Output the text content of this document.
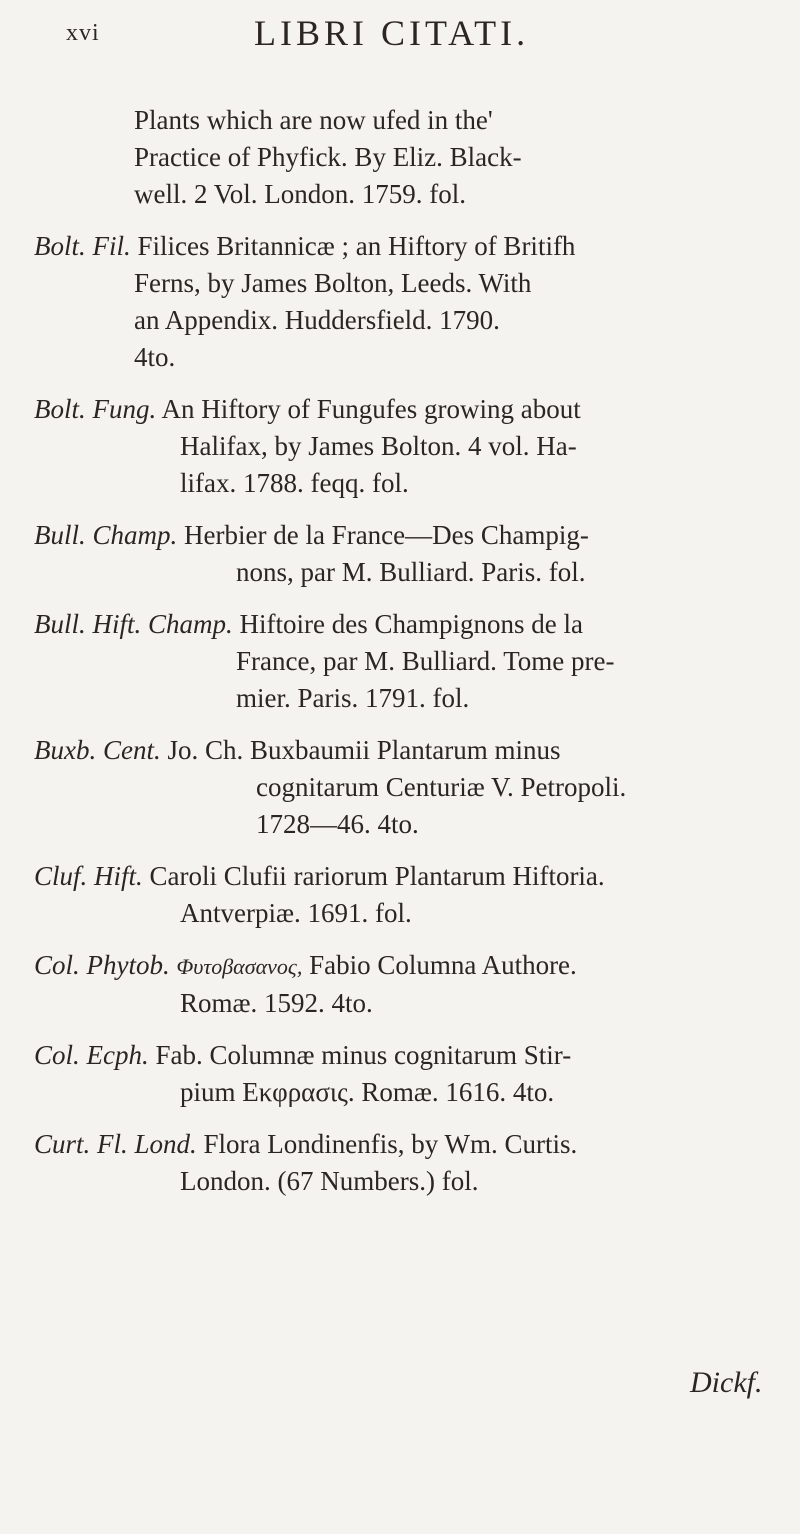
xvi	LIBRI CITATI.
Plants which are now ufed in the'
Practice of Phyfick. By Eliz. Black-
well. 2 Vol. London. 1759. fol.
Bolt. Fil. Filices Britannicæ ; an Hiftory of Britifh
Ferns, by James Bolton, Leeds. With
an Appendix. Huddersfield. 1790.
4to.
Bolt. Fung. An Hiftory of Fungufes growing about
Halifax, by James Bolton. 4 vol. Ha-
lifax. 1788. feqq. fol.
Bull. Champ. Herbier de la France—Des Champig-
nons, par M. Bulliard. Paris. fol.
Bull. Hift. Champ. Hiftoire des Champignons de la
France, par M. Bulliard. Tome pre-
mier. Paris. 1791. fol.
Buxb. Cent. Jo. Ch. Buxbaumii Plantarum minus
cognitarum Centuriæ V. Petropoli.
1728—46. 4to.
Cluf. Hift. Caroli Clufii rariorum Plantarum Hiftoria.
Antverpiæ. 1691. fol.
Col. Phytob. Φυτοβασανος, Fabio Columna Authore.
Romæ. 1592. 4to.
Col. Ecph. Fab. Columnæ minus cognitarum Stir-
pium Εκφρασις. Romæ. 1616. 4to.
Curt. Fl. Lond. Flora Londinenfis, by Wm. Curtis.
London. (67 Numbers.) fol.
Dickf.
